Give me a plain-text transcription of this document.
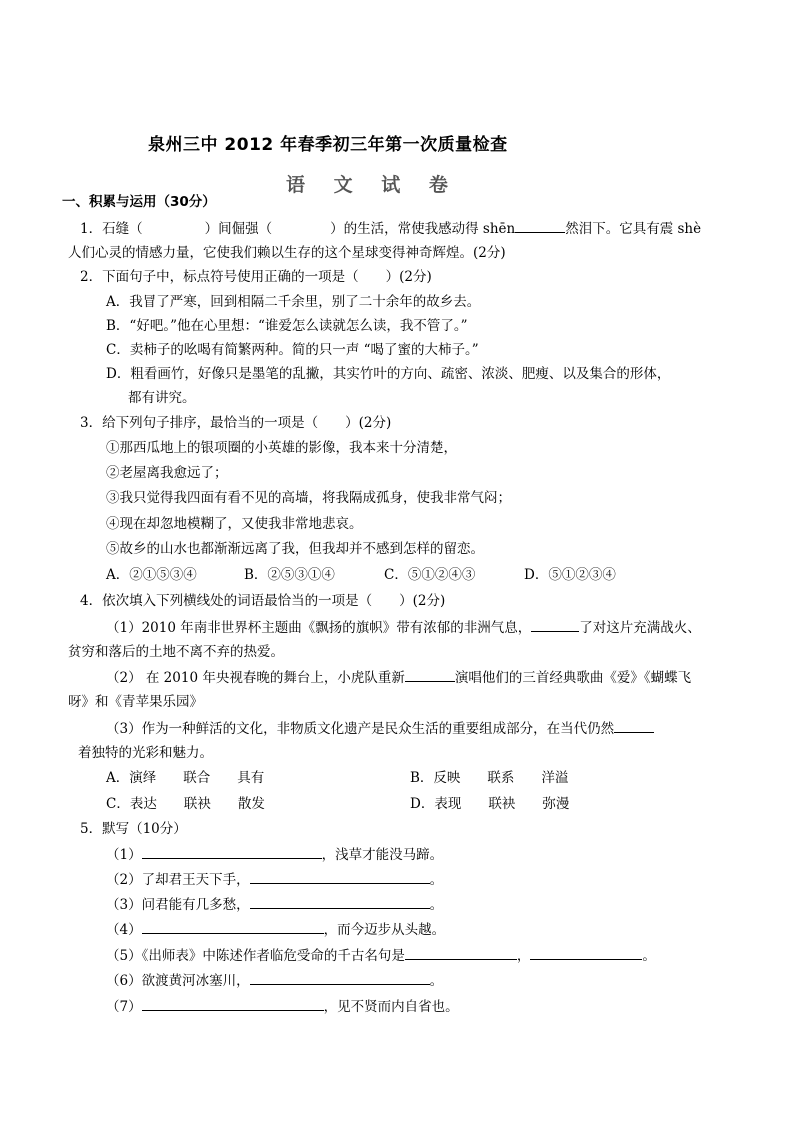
泉州三中 2012 年春季初三年第一次质量检查
语 文 试 卷
一、积累与运用（30分）
1．石缝（	）间倔强（	）的生活，常使我感动得 shēn	然泪下。它具有震 shè
人们心灵的情感力量，它使我们赖以生存的这个星球变得神奇辉煌。(2分)
2．下面句子中，标点符号使用正确的一项是（　　）(2分)
A．我冒了严寒，回到相隔二千余里，别了二十余年的故乡去。
B．“好吧。”他在心里想：“谁爱怎么读就怎么读，我不管了。”
C．卖柿子的吆喝有简繁两种。简的只一声 “喝了蜜的大柿子。”
D．粗看画竹，好像只是墨笔的乱撇，其实竹叶的方向、疏密、浓淡、肥瘦、以及集合的形体，
都有讲究。
3．给下列句子排序，最恰当的一项是（　　）(2分)
①那西瓜地上的银项圈的小英雄的影像，我本来十分清楚，
②老屋离我愈远了；
③我只觉得我四面有看不见的高墙，将我隔成孤身，使我非常气闷；
④现在却忽地模糊了，又使我非常地悲哀。
⑤故乡的山水也都渐渐远离了我，但我却并不感到怎样的留恋。
A．②①⑤③④	B．②⑤③①④	C．⑤①②④③	D．⑤①②③④
4．依次填入下列横线处的词语最恰当的一项是（　　）(2分)
（1）2010 年南非世界杯主题曲《飘扬的旗帜》带有浓郁的非洲气息，	了对这片充满战火、
贫穷和落后的土地不离不弃的热爱。
（2） 在 2010 年央视春晚的舞台上，小虎队重新	演唱他们的三首经典歌曲《爱》《蝴蝶飞
呀》和《青苹果乐园》
（3）作为一种鲜活的文化，非物质文化遗产是民众生活的重要组成部分，在当代仍然
着独特的光彩和魅力。
A．演绎　　联合　　具有	B．反映　　联系　　洋溢
C．表达　　联袂　　散发	D．表现　　联袂　　弥漫
5．默写（10分）
（1）	，浅草才能没马蹄。
（2）了却君王天下手，	。
（3）问君能有几多愁，	。
（4）	，而今迈步从头越。
（5）《出师表》中陈述作者临危受命的千古名句是	，	。
（6）欲渡黄河冰塞川，	。
（7）	，见不贤而内自省也。
